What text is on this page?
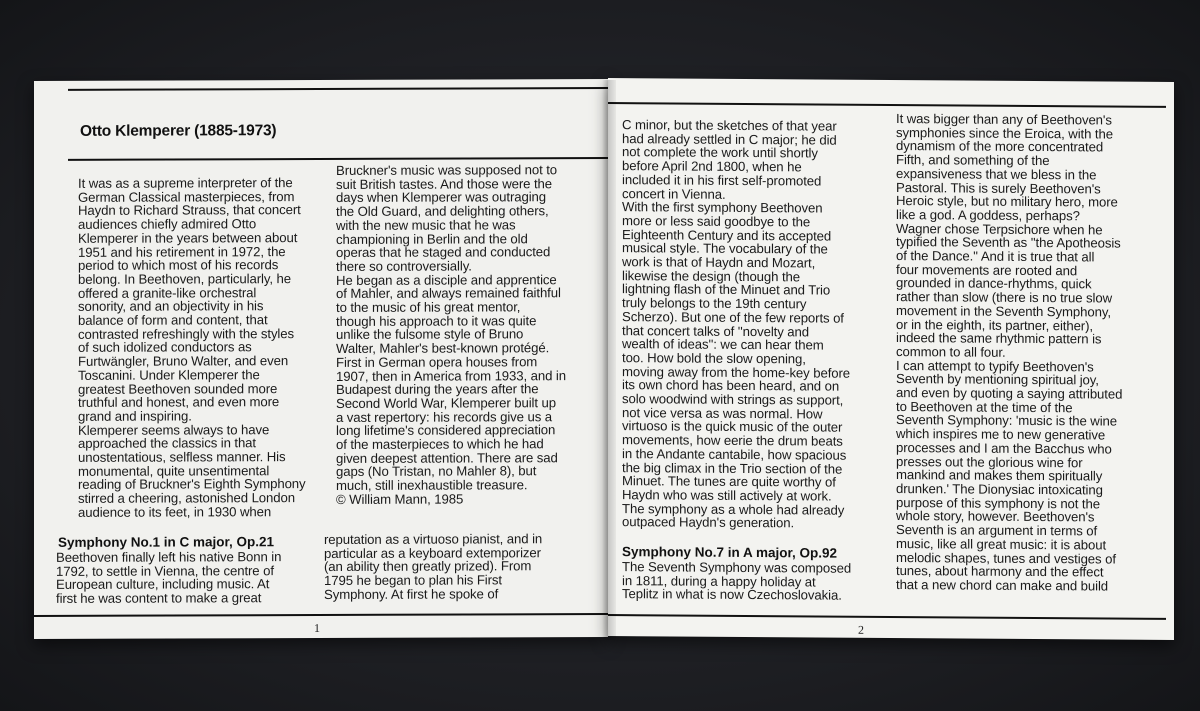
Otto Klemperer (1885-1973)
It was as a supreme interpreter of the
German Classical masterpieces, from
Haydn to Richard Strauss, that concert
audiences chiefly admired Otto
Klemperer in the years between about
1951 and his retirement in 1972, the
period to which most of his records
belong. In Beethoven, particularly, he
offered a granite-like orchestral
sonority, and an objectivity in his
balance of form and content, that
contrasted refreshingly with the styles
of such idolized conductors as
Furtwängler, Bruno Walter, and even
Toscanini. Under Klemperer the
greatest Beethoven sounded more
truthful and honest, and even more
grand and inspiring.
Klemperer seems always to have
approached the classics in that
unostentatious, selfless manner. His
monumental, quite unsentimental
reading of Bruckner's Eighth Symphony
stirred a cheering, astonished London
audience to its feet, in 1930 when
Bruckner's music was supposed not to
suit British tastes. And those were the
days when Klemperer was outraging
the Old Guard, and delighting others,
with the new music that he was
championing in Berlin and the old
operas that he staged and conducted
there so controversially.
He began as a disciple and apprentice
of Mahler, and always remained faithful
to the music of his great mentor,
though his approach to it was quite
unlike the fulsome style of Bruno
Walter, Mahler's best-known protégé.
First in German opera houses from
1907, then in America from 1933, and in
Budapest during the years after the
Second World War, Klemperer built up
a vast repertory: his records give us a
long lifetime's considered appreciation
of the masterpieces to which he had
given deepest attention. There are sad
gaps (No Tristan, no Mahler 8), but
much, still inexhaustible treasure.
© William Mann, 1985
Symphony No.1 in C major, Op.21
Beethoven finally left his native Bonn in
1792, to settle in Vienna, the centre of
European culture, including music. At
first he was content to make a great
reputation as a virtuoso pianist, and in
particular as a keyboard extemporizer
(an ability then greatly prized). From
1795 he began to plan his First
Symphony. At first he spoke of
1
C minor, but the sketches of that year
had already settled in C major; he did
not complete the work until shortly
before April 2nd 1800, when he
included it in his first self-promoted
concert in Vienna.
With the first symphony Beethoven
more or less said goodbye to the
Eighteenth Century and its accepted
musical style. The vocabulary of the
work is that of Haydn and Mozart,
likewise the design (though the
lightning flash of the Minuet and Trio
truly belongs to the 19th century
Scherzo). But one of the few reports of
that concert talks of ''novelty and
wealth of ideas'': we can hear them
too. How bold the slow opening,
moving away from the home-key before
its own chord has been heard, and on
solo woodwind with strings as support,
not vice versa as was normal. How
virtuoso is the quick music of the outer
movements, how eerie the drum beats
in the Andante cantabile, how spacious
the big climax in the Trio section of the
Minuet. The tunes are quite worthy of
Haydn who was still actively at work.
The symphony as a whole had already
outpaced Haydn's generation.
Symphony No.7 in A major, Op.92
The Seventh Symphony was composed
in 1811, during a happy holiday at
Teplitz in what is now Czechoslovakia.
It was bigger than any of Beethoven's
symphonies since the Eroica, with the
dynamism of the more concentrated
Fifth, and something of the
expansiveness that we bless in the
Pastoral. This is surely Beethoven's
Heroic style, but no military hero, more
like a god. A goddess, perhaps?
Wagner chose Terpsichore when he
typified the Seventh as ''the Apotheosis
of the Dance.'' And it is true that all
four movements are rooted and
grounded in dance-rhythms, quick
rather than slow (there is no true slow
movement in the Seventh Symphony,
or in the eighth, its partner, either),
indeed the same rhythmic pattern is
common to all four.
I can attempt to typify Beethoven's
Seventh by mentioning spiritual joy,
and even by quoting a saying attributed
to Beethoven at the time of the
Seventh Symphony: 'music is the wine
which inspires me to new generative
processes and I am the Bacchus who
presses out the glorious wine for
mankind and makes them spiritually
drunken.' The Dionysiac intoxicating
purpose of this symphony is not the
whole story, however. Beethoven's
Seventh is an argument in terms of
music, like all great music: it is about
melodic shapes, tunes and vestiges of
tunes, about harmony and the effect
that a new chord can make and build
2
